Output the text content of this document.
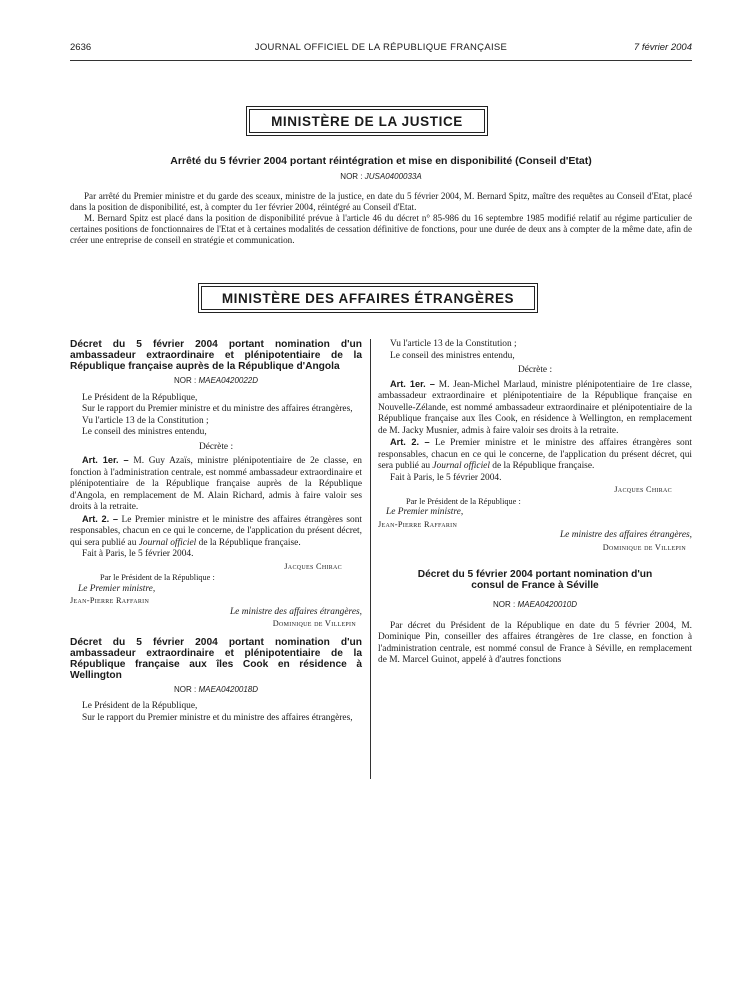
2636	JOURNAL OFFICIEL DE LA RÉPUBLIQUE FRANÇAISE	7 février 2004
MINISTÈRE DE LA JUSTICE
Arrêté du 5 février 2004 portant réintégration et mise en disponibilité (Conseil d'Etat)
NOR : JUSA0400033A

Par arrêté du Premier ministre et du garde des sceaux, ministre de la justice, en date du 5 février 2004, M. Bernard Spitz, maître des requêtes au Conseil d'Etat, placé dans la position de disponibilité, est, à compter du 1er février 2004, réintégré au Conseil d'Etat.

M. Bernard Spitz est placé dans la position de disponibilité prévue à l'article 46 du décret n° 85-986 du 16 septembre 1985 modifié relatif au régime particulier de certaines positions de fonctionnaires de l'Etat et à certaines modalités de cessation définitive de fonctions, pour une durée de deux ans à compter de la même date, afin de créer une entreprise de conseil en stratégie et communication.

MINISTÈRE DES AFFAIRES ÉTRANGÈRES

Décret du 5 février 2004 portant nomination d'un ambassadeur extraordinaire et plénipotentiaire de la République française auprès de la République d'Angola

NOR : MAEA0420022D

Le Président de la République,

Sur le rapport du Premier ministre et du ministre des affaires étrangères,

Vu l'article 13 de la Constitution ;

Le conseil des ministres entendu,

Décrète :

Art. 1er. – M. Guy Azaïs, ministre plénipotentiaire de 2e classe, en fonction à l'administration centrale, est nommé ambassadeur extraordinaire et plénipotentiaire de la République française auprès de la République d'Angola, en remplacement de M. Alain Richard, admis à faire valoir ses droits à la retraite.

Art. 2. – Le Premier ministre et le ministre des affaires étrangères sont responsables, chacun en ce qui le concerne, de l'application du présent décret, qui sera publié au Journal officiel de la République française.

Fait à Paris, le 5 février 2004.

Jacques Chirac

Par le Président de la République :

Le Premier ministre,

Jean-Pierre Raffarin

Le ministre des affaires étrangères,

Dominique de Villepin

Décret du 5 février 2004 portant nomination d'un ambassadeur extraordinaire et plénipotentiaire de la République française aux îles Cook en résidence à Wellington

NOR : MAEA0420018D

Le Président de la République,

Sur le rapport du Premier ministre et du ministre des affaires étrangères,

Vu l'article 13 de la Constitution ;

Le conseil des ministres entendu,

Décrète :

Art. 1er. – M. Jean-Michel Marlaud, ministre plénipotentiaire de 1re classe, ambassadeur extraordinaire et plénipotentiaire de la République française en Nouvelle-Zélande, est nommé ambassadeur extraordinaire et plénipotentiaire de la République française aux îles Cook, en résidence à Wellington, en remplacement de M. Jacky Musnier, admis à faire valoir ses droits à la retraite.

Art. 2. – Le Premier ministre et le ministre des affaires étrangères sont responsables, chacun en ce qui le concerne, de l'application du présent décret, qui sera publié au Journal officiel de la République française.

Fait à Paris, le 5 février 2004.

Jacques Chirac

Par le Président de la République :

Le Premier ministre,

Jean-Pierre Raffarin

Le ministre des affaires étrangères,

Dominique de Villepin

Décret du 5 février 2004 portant nomination d'un consul de France à Séville

NOR : MAEA0420010D

Par décret du Président de la République en date du 5 février 2004, M. Dominique Pin, conseiller des affaires étrangères de 1re classe, en fonction à l'administration centrale, est nommé consul de France à Séville, en remplacement de M. Marcel Guinot, appelé à d'autres fonctions
